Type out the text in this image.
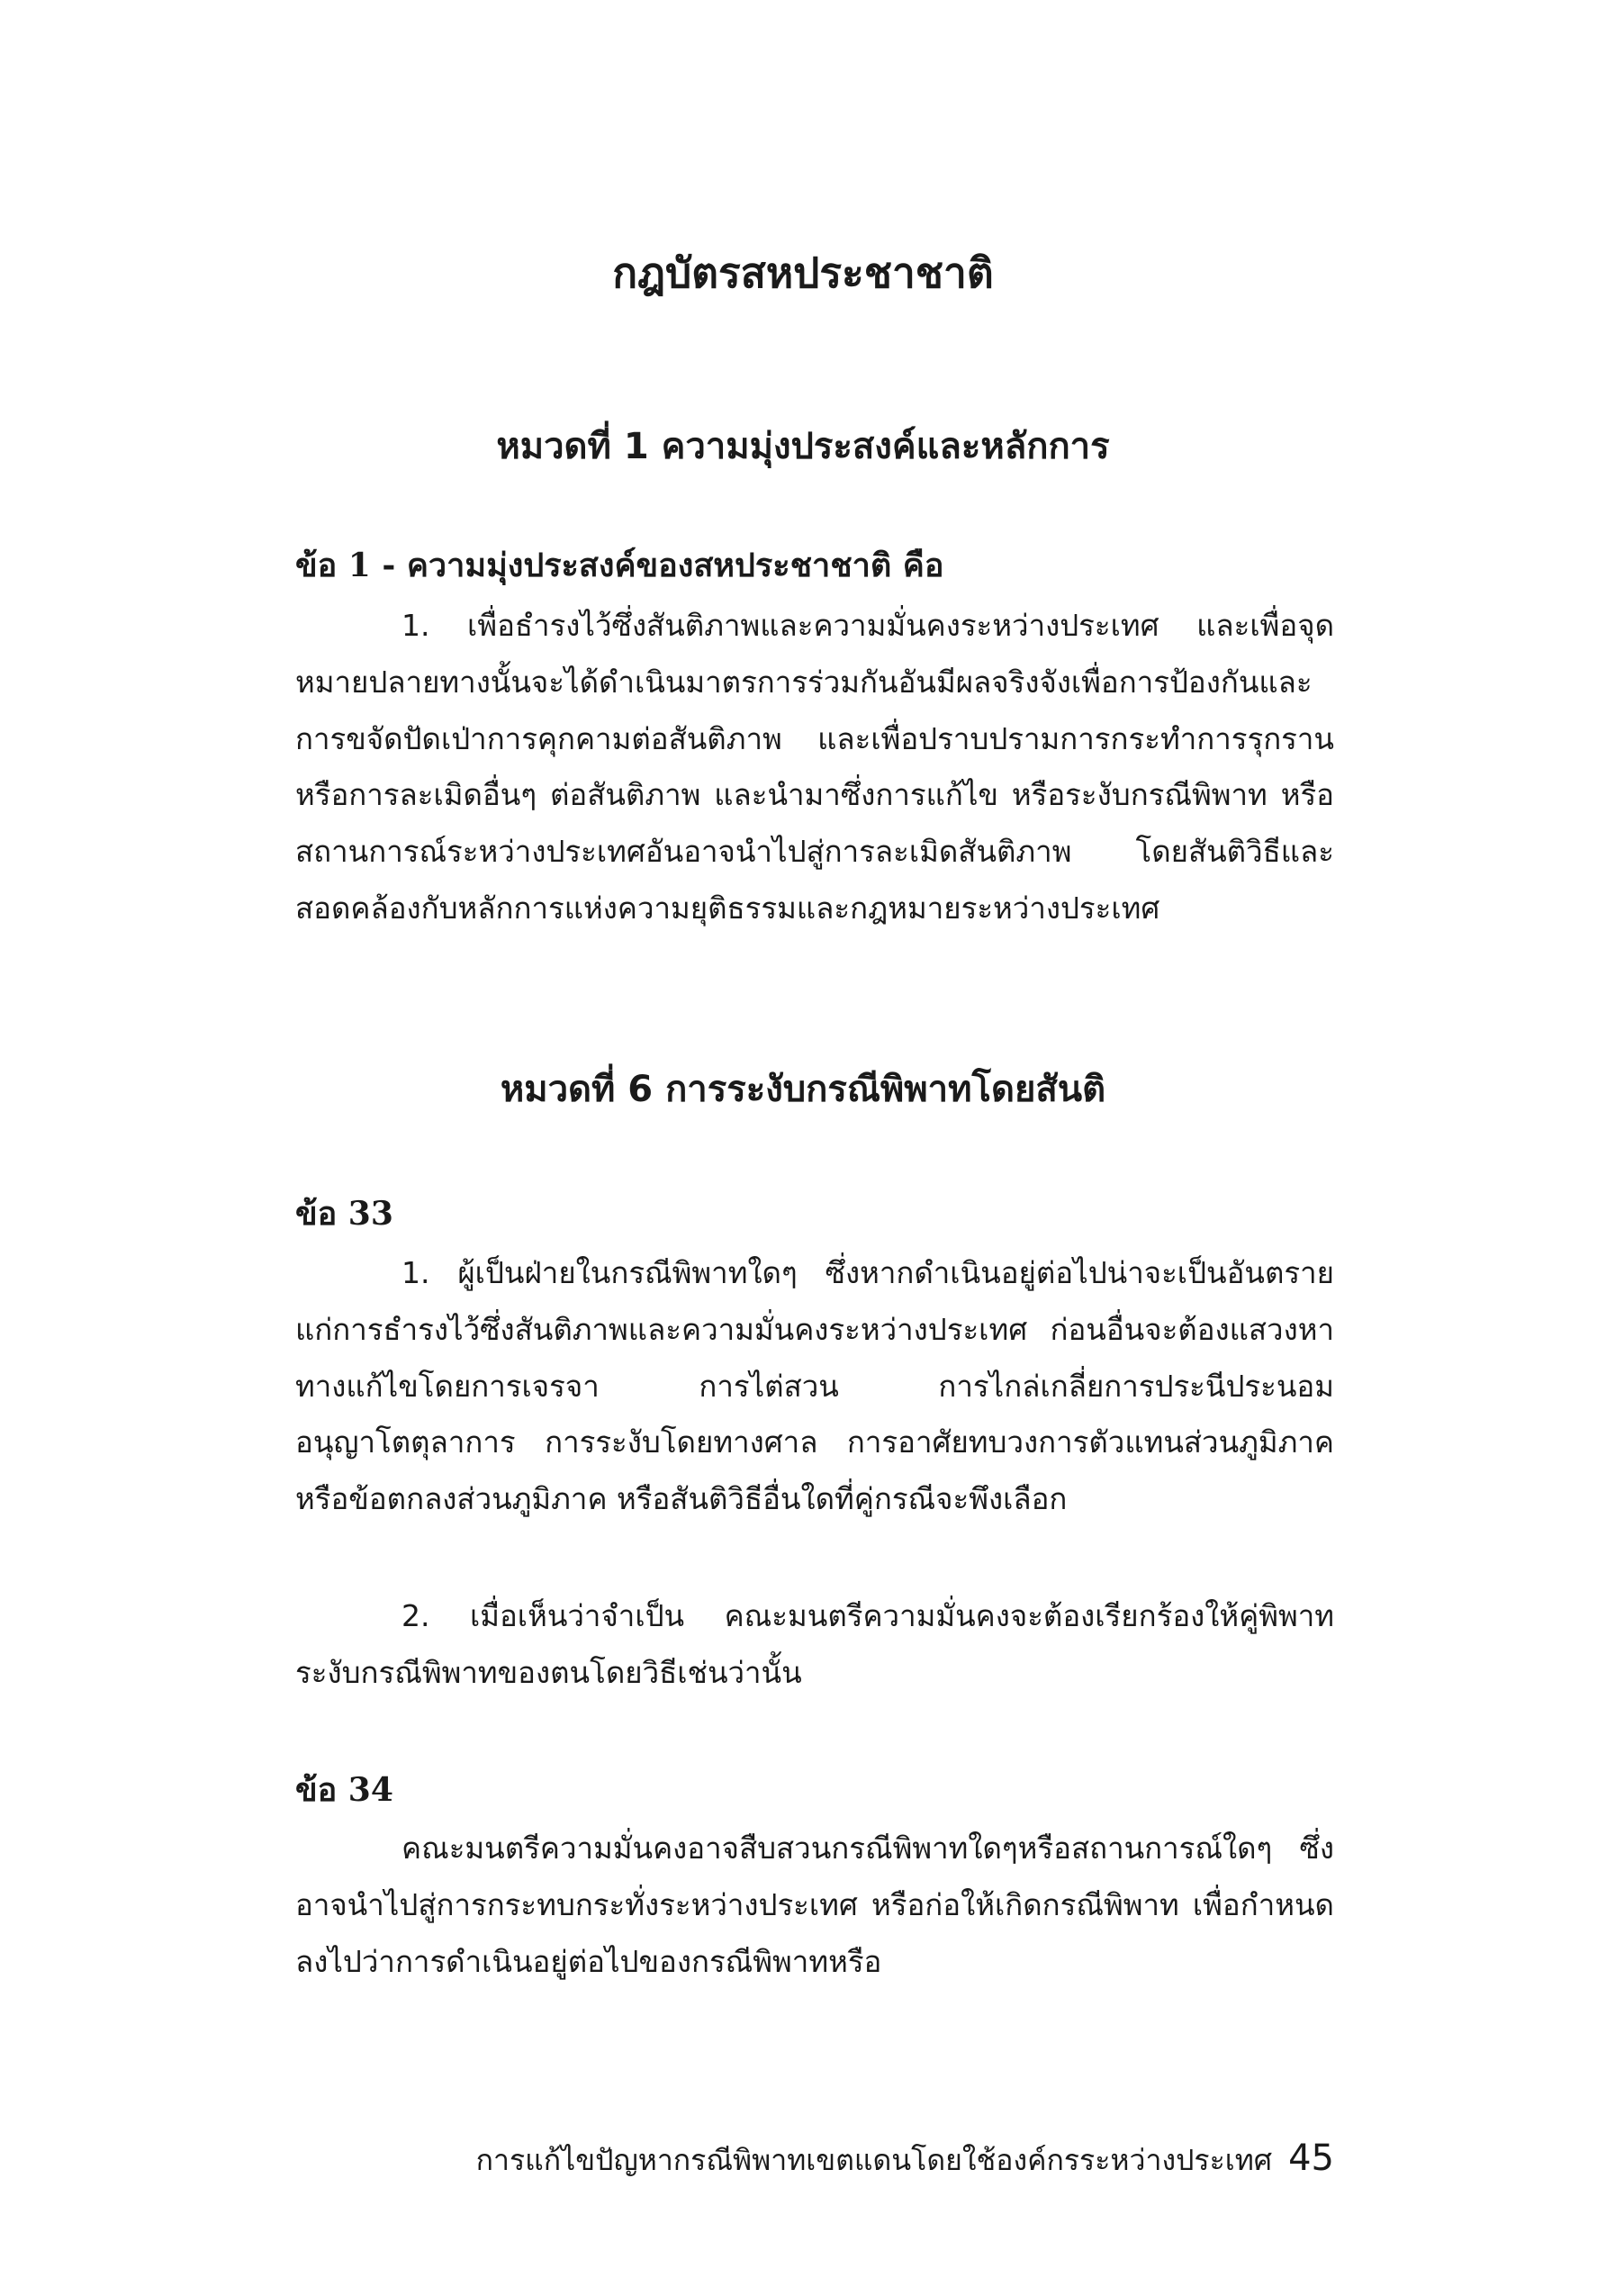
กฎบัตรสหประชาชาติ
หมวดที่ 1 ความมุ่งประสงค์และหลักการ
ข้อ 1 - ความมุ่งประสงค์ของสหประชาชาติ คือ

1. เพื่อธำรงไว้ซึ่งสันติภาพและความมั่นคงระหว่างประเทศ และเพื่อจุดหมายปลายทางนั้นจะได้ดำเนินมาตรการร่วมกันอันมีผลจริงจังเพื่อการป้องกันและการขจัดปัดเป่าการคุกคามต่อสันติภาพ และเพื่อปราบปรามการกระทำการรุกรานหรือการละเมิดอื่นๆ ต่อสันติภาพ และนำมาซึ่งการแก้ไข หรือระงับกรณีพิพาท หรือสถานการณ์ระหว่างประเทศอันอาจนำไปสู่การละเมิดสันติภาพ โดยสันติวิธีและสอดคล้องกับหลักการแห่งความยุติธรรมและกฎหมายระหว่างประเทศ

หมวดที่ 6 การระงับกรณีพิพาทโดยสันติ
ข้อ 33

1. ผู้เป็นฝ่ายในกรณีพิพาทใดๆ ซึ่งหากดำเนินอยู่ต่อไปน่าจะเป็นอันตรายแก่การธำรงไว้ซึ่งสันติภาพและความมั่นคงระหว่างประเทศ ก่อนอื่นจะต้องแสวงหาทางแก้ไขโดยการเจรจา การไต่สวน การไกล่เกลี่ยการประนีประนอมอนุญาโตตุลาการ การระงับโดยทางศาล การอาศัยทบวงการตัวแทนส่วนภูมิภาค หรือข้อตกลงส่วนภูมิภาค หรือสันติวิธีอื่นใดที่คู่กรณีจะพึงเลือก

2. เมื่อเห็นว่าจำเป็น คณะมนตรีความมั่นคงจะต้องเรียกร้องให้คู่พิพาทระงับกรณีพิพาทของตนโดยวิธีเช่นว่านั้น

ข้อ 34

คณะมนตรีความมั่นคงอาจสืบสวนกรณีพิพาทใดๆหรือสถานการณ์ใดๆ ซึ่งอาจนำไปสู่การกระทบกระทั่งระหว่างประเทศ หรือก่อให้เกิดกรณีพิพาท เพื่อกำหนดลงไปว่าการดำเนินอยู่ต่อไปของกรณีพิพาทหรือ

การแก้ไขปัญหากรณีพิพาทเขตแดนโดยใช้องค์กรระหว่างประเทศ 45
